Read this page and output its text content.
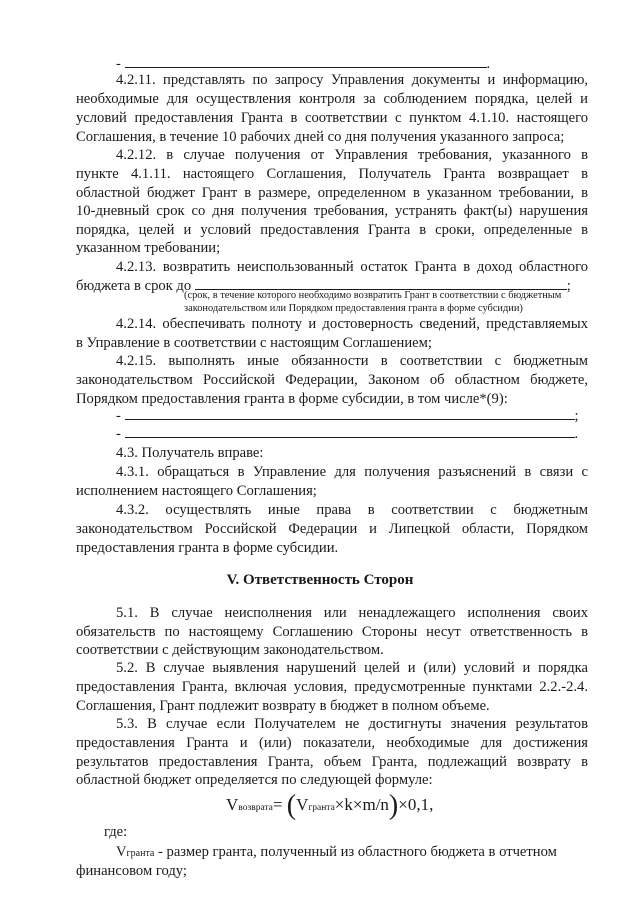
-	.
4.2.11. представлять по запросу Управления документы и информацию,
необходимые для осуществления контроля за соблюдением порядка, целей и
условий предоставления Гранта в соответствии с пунктом 4.1.10. настоящего
Соглашения, в течение 10 рабочих дней со дня получения указанного запроса;
4.2.12. в случае получения от Управления требования, указанного в
пункте 4.1.11. настоящего Соглашения, Получатель Гранта возвращает в
областной бюджет Грант в размере, определенном в указанном требовании, в
10-дневный срок со дня получения требования, устранять факт(ы) нарушения
порядка, целей и условий предоставления Гранта в сроки, определенные в
указанном требовании;
4.2.13. возвратить неиспользованный остаток Гранта в доход областного
бюджета в срок до	;
(срок, в течение которого необходимо возвратить Грант в соответствии с бюджетным
законодательством или Порядком предоставления гранта в форме субсидии)
4.2.14. обеспечивать полноту и достоверность сведений, представляемых
в Управление в соответствии с настоящим Соглашением;
4.2.15. выполнять иные обязанности в соответствии с бюджетным
законодательством Российской Федерации, Законом об областном бюджете,
Порядком предоставления гранта в форме субсидии, в том числе*(9):
-	;
-	.
4.3. Получатель вправе:
4.3.1. обращаться в Управление для получения разъяснений в связи с
исполнением настоящего Соглашения;
4.3.2. осуществлять иные права в соответствии с бюджетным
законодательством Российской Федерации и Липецкой области, Порядком
предоставления гранта в форме субсидии.
V. Ответственность Сторон
5.1. В случае неисполнения или ненадлежащего исполнения своих
обязательств по настоящему Соглашению Стороны несут ответственность в
соответствии с действующим законодательством.
5.2. В случае выявления нарушений целей и (или) условий и порядка
предоставления Гранта, включая условия, предусмотренные пунктами 2.2.-2.4.
Соглашения, Грант подлежит возврату в бюджет в полном объеме.
5.3. В случае если Получателем не достигнуты значения результатов
предоставления Гранта и (или) показатели, необходимые для достижения
результатов предоставления Гранта, объем Гранта, подлежащий возврату в
областной бюджет определяется по следующей формуле:
Vвозврата= (Vгранта×k×m/n)×0,1,
где:
Vгранта - размер гранта, полученный из областного бюджета в отчетном
финансовом году;
